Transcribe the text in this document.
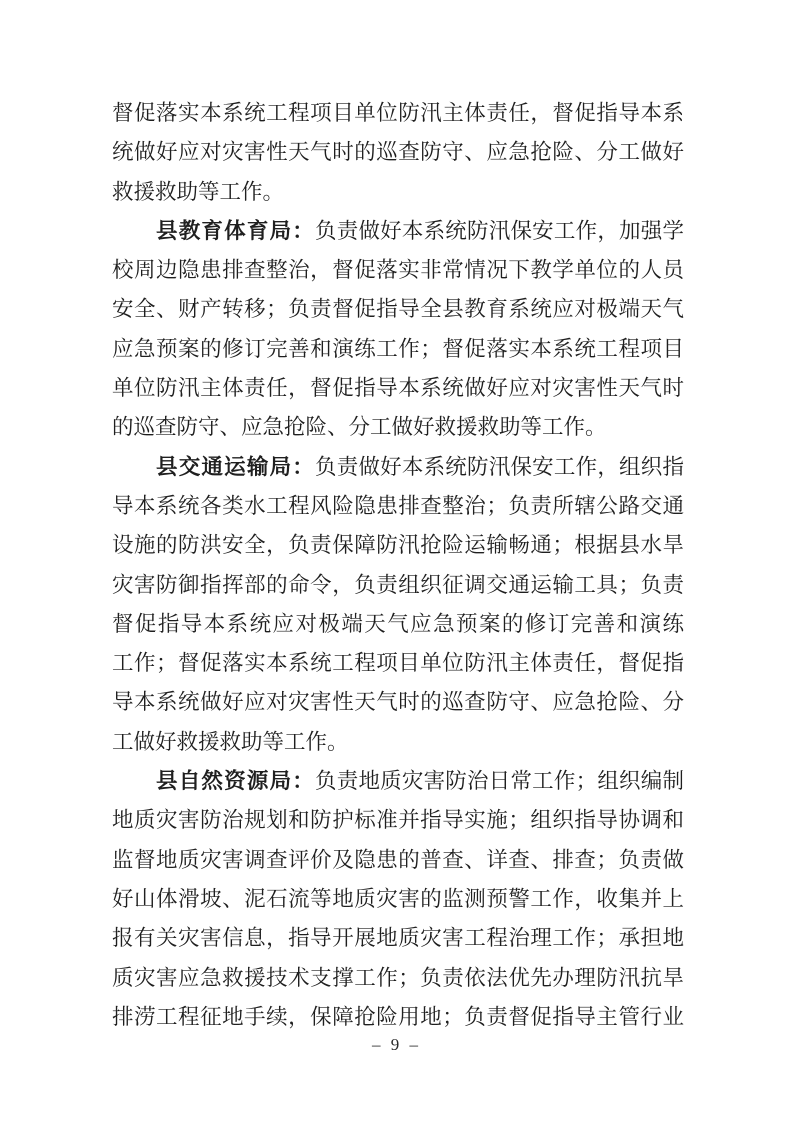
督促落实本系统工程项目单位防汛主体责任，督促指导本系
统做好应对灾害性天气时的巡查防守、应急抢险、分工做好
救援救助等工作。
县教育体育局：负责做好本系统防汛保安工作，加强学
校周边隐患排查整治，督促落实非常情况下教学单位的人员
安全、财产转移；负责督促指导全县教育系统应对极端天气
应急预案的修订完善和演练工作；督促落实本系统工程项目
单位防汛主体责任，督促指导本系统做好应对灾害性天气时
的巡查防守、应急抢险、分工做好救援救助等工作。
县交通运输局：负责做好本系统防汛保安工作，组织指
导本系统各类水工程风险隐患排查整治；负责所辖公路交通
设施的防洪安全，负责保障防汛抢险运输畅通；根据县水旱
灾害防御指挥部的命令，负责组织征调交通运输工具；负责
督促指导本系统应对极端天气应急预案的修订完善和演练
工作；督促落实本系统工程项目单位防汛主体责任，督促指
导本系统做好应对灾害性天气时的巡查防守、应急抢险、分
工做好救援救助等工作。
县自然资源局：负责地质灾害防治日常工作；组织编制
地质灾害防治规划和防护标准并指导实施；组织指导协调和
监督地质灾害调查评价及隐患的普查、详查、排查；负责做
好山体滑坡、泥石流等地质灾害的监测预警工作，收集并上
报有关灾害信息，指导开展地质灾害工程治理工作；承担地
质灾害应急救援技术支撑工作；负责依法优先办理防汛抗旱
排涝工程征地手续，保障抢险用地；负责督促指导主管行业
– 9 –
